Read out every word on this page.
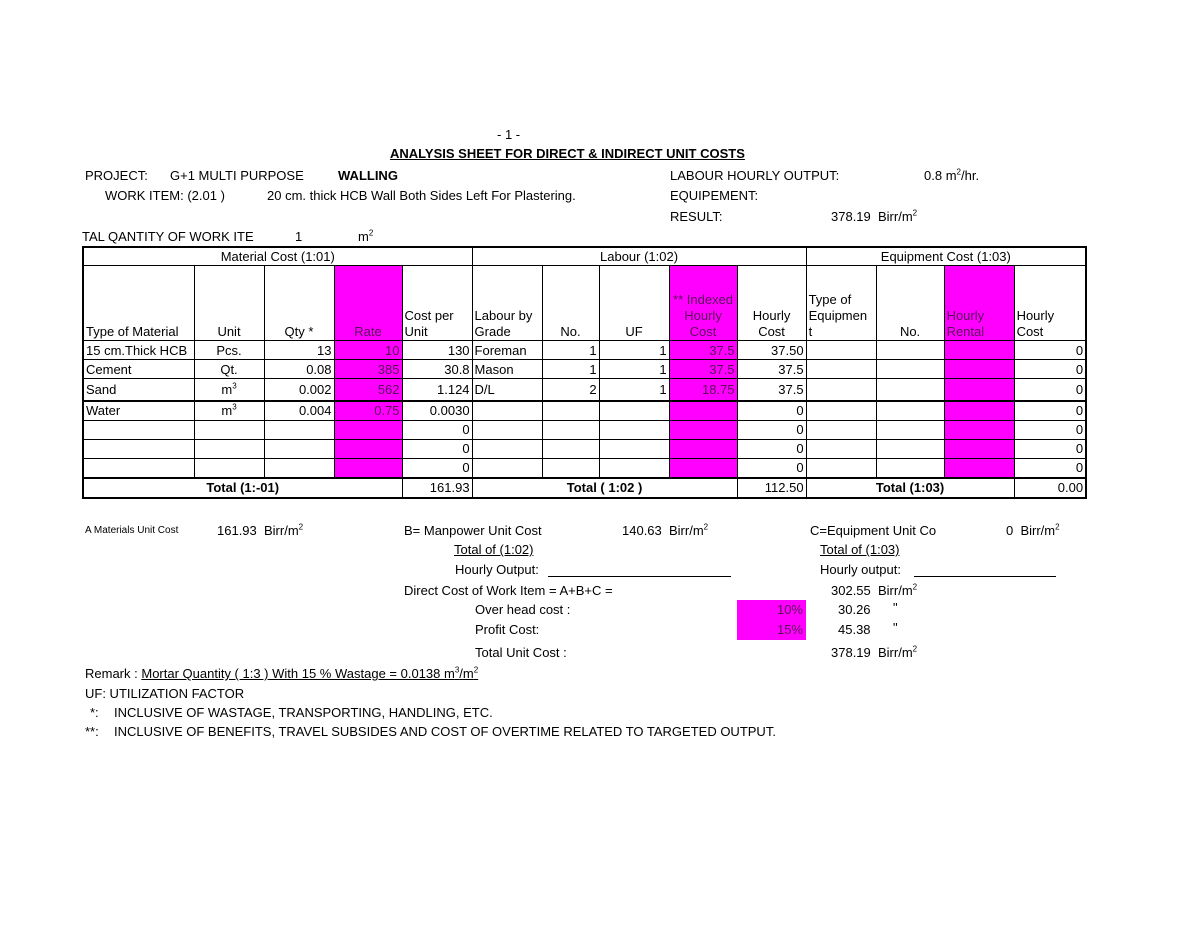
- 1 -
ANALYSIS SHEET FOR DIRECT & INDIRECT UNIT COSTS
PROJECT: G+1 MULTI PURPOSE	WALLING
WORK ITEM: (2.01 )	20 cm. thick HCB Wall Both Sides Left For Plastering.
LABOUR HOURLY OUTPUT:	0.8 $m^2/hr$.
EQUIPEMENT:
RESULT:	378.19 Birr/$m^2$
TAL QANTITY OF WORK ITE	1	$m^2$
Material Cost (1:01)					Labour (1:02)					Equipment Cost (1:03)			
Type of Material	Unit	Qty *	Rate	Cost per Unit	Labour by Grade	No.	UF	** Indexed Hourly Cost	Hourly Cost	Type of Equipmen t	No.	Hourly Rental	Hourly Cost
15 cm.Thick HCB	Pcs.	13	10	130	Foreman	1	1	37.5	37.50				0
Cement	Qt.	0.08	385	30.8	Mason	1	1	37.5	37.5				0
Sand	$m^3$	0.002	562	1.124	D/L	2	1	18.75	37.5				0
Water	$m^3$	0.004	0.75	0.0030					0				0
				0					0				0
				0					0				0
				0					0				0
Total (1:-01)				161.93	Total ( 1:02 )				112.50	Total (1:03)			0.00
A Materials Unit Cost	161.93 Birr/$m^2$	B= Manpower Unit Cost	140.63 Birr/$m^2$
Total of (1:02)
Hourly Output:
C=Equipment Unit Co	0 Birr/$m^2$
Total of (1:03)
Hourly output:
Direct Cost of Work Item = A+B+C =	302.55 Birr/$m^2$
Over head cost :	10%	30.26 "
Profit Cost:	15%	45.38 "
Total Unit Cost :	378.19 Birr/$m^2$
Remark : Mortar Quantity ( 1:3 ) With 15 % Wastage = 0.0138 $m^3/m^2$
UF: UTILIZATION FACTOR
*: INCLUSIVE OF WASTAGE, TRANSPORTING, HANDLING, ETC.
**: INCLUSIVE OF BENEFITS, TRAVEL SUBSIDES AND COST OF OVERTIME RELATED TO TARGETED OUTPUT.
